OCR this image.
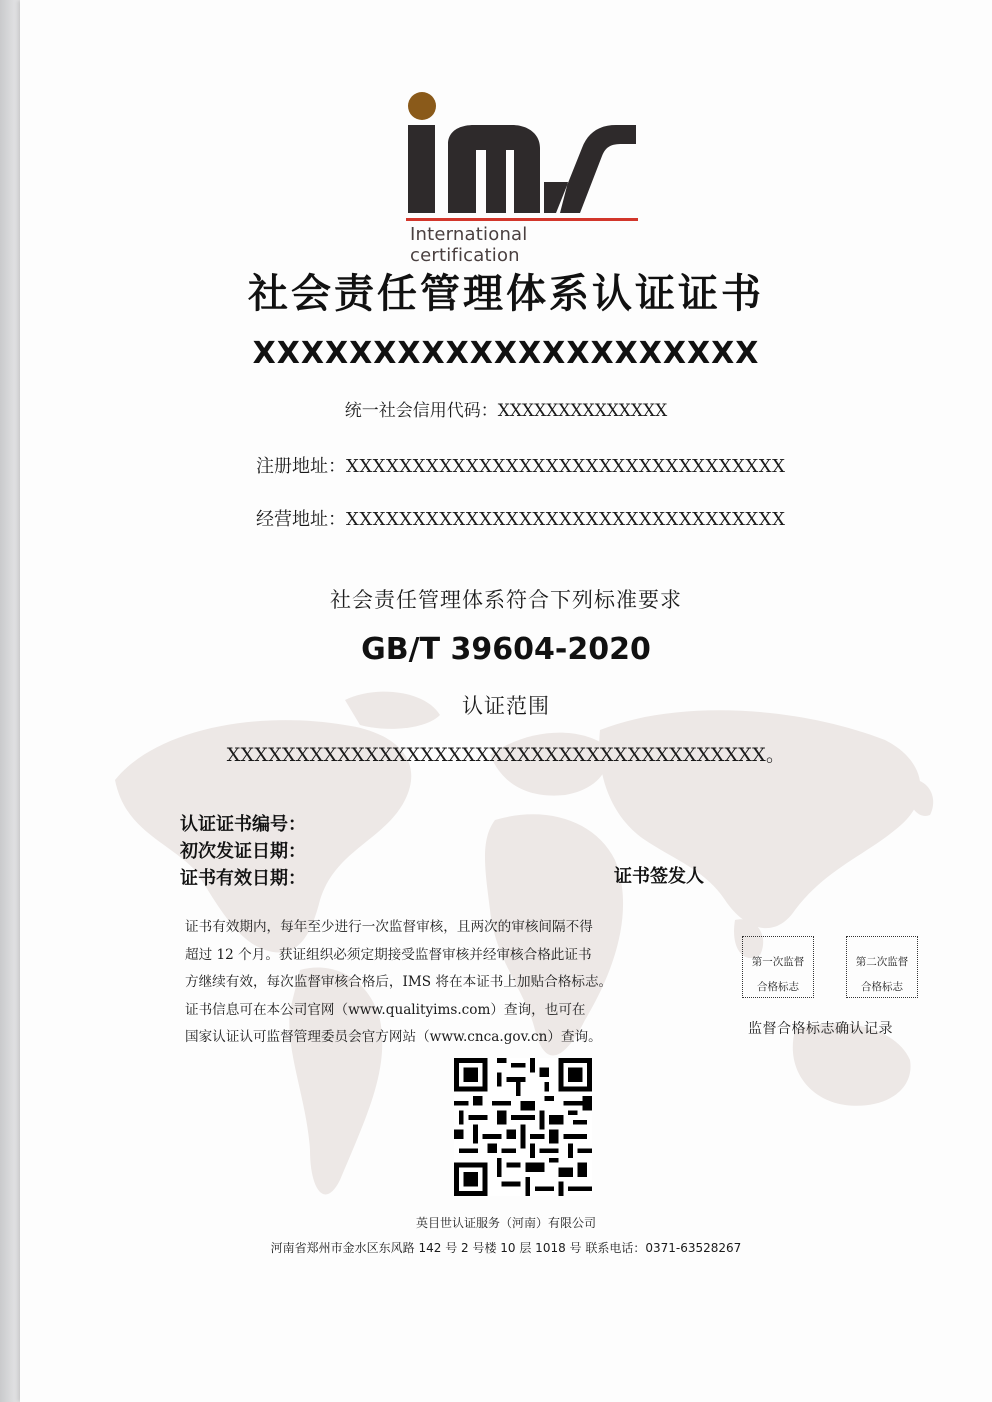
International certification
社会责任管理体系认证证书
XXXXXXXXXXXXXXXXXXXXX
统一社会信用代码：XXXXXXXXXXXXXX
注册地址：XXXXXXXXXXXXXXXXXXXXXXXXXXXXXXXXX
经营地址：XXXXXXXXXXXXXXXXXXXXXXXXXXXXXXXXX
社会责任管理体系符合下列标准要求
GB/T 39604-2020
认证范围
XXXXXXXXXXXXXXXXXXXXXXXXXXXXXXXXXXXXXXX。
认证证书编号：
初次发证日期：
证书有效日期：	证书签发人
证书有效期内，每年至少进行一次监督审核，且两次的审核间隔不得
超过 12 个月。获证组织必须定期接受监督审核并经审核合格此证书
方继续有效，每次监督审核合格后，IMS 将在本证书上加贴合格标志。
证书信息可在本公司官网（www.qualityims.com）查询，也可在
国家认证认可监督管理委员会官方网站（www.cnca.gov.cn）查询。
第一次监督
合格标志
第二次监督
合格标志
监督合格标志确认记录
英目世认证服务（河南）有限公司
河南省郑州市金水区东风路 142 号 2 号楼 10 层 1018 号 联系电话：0371-63528267
